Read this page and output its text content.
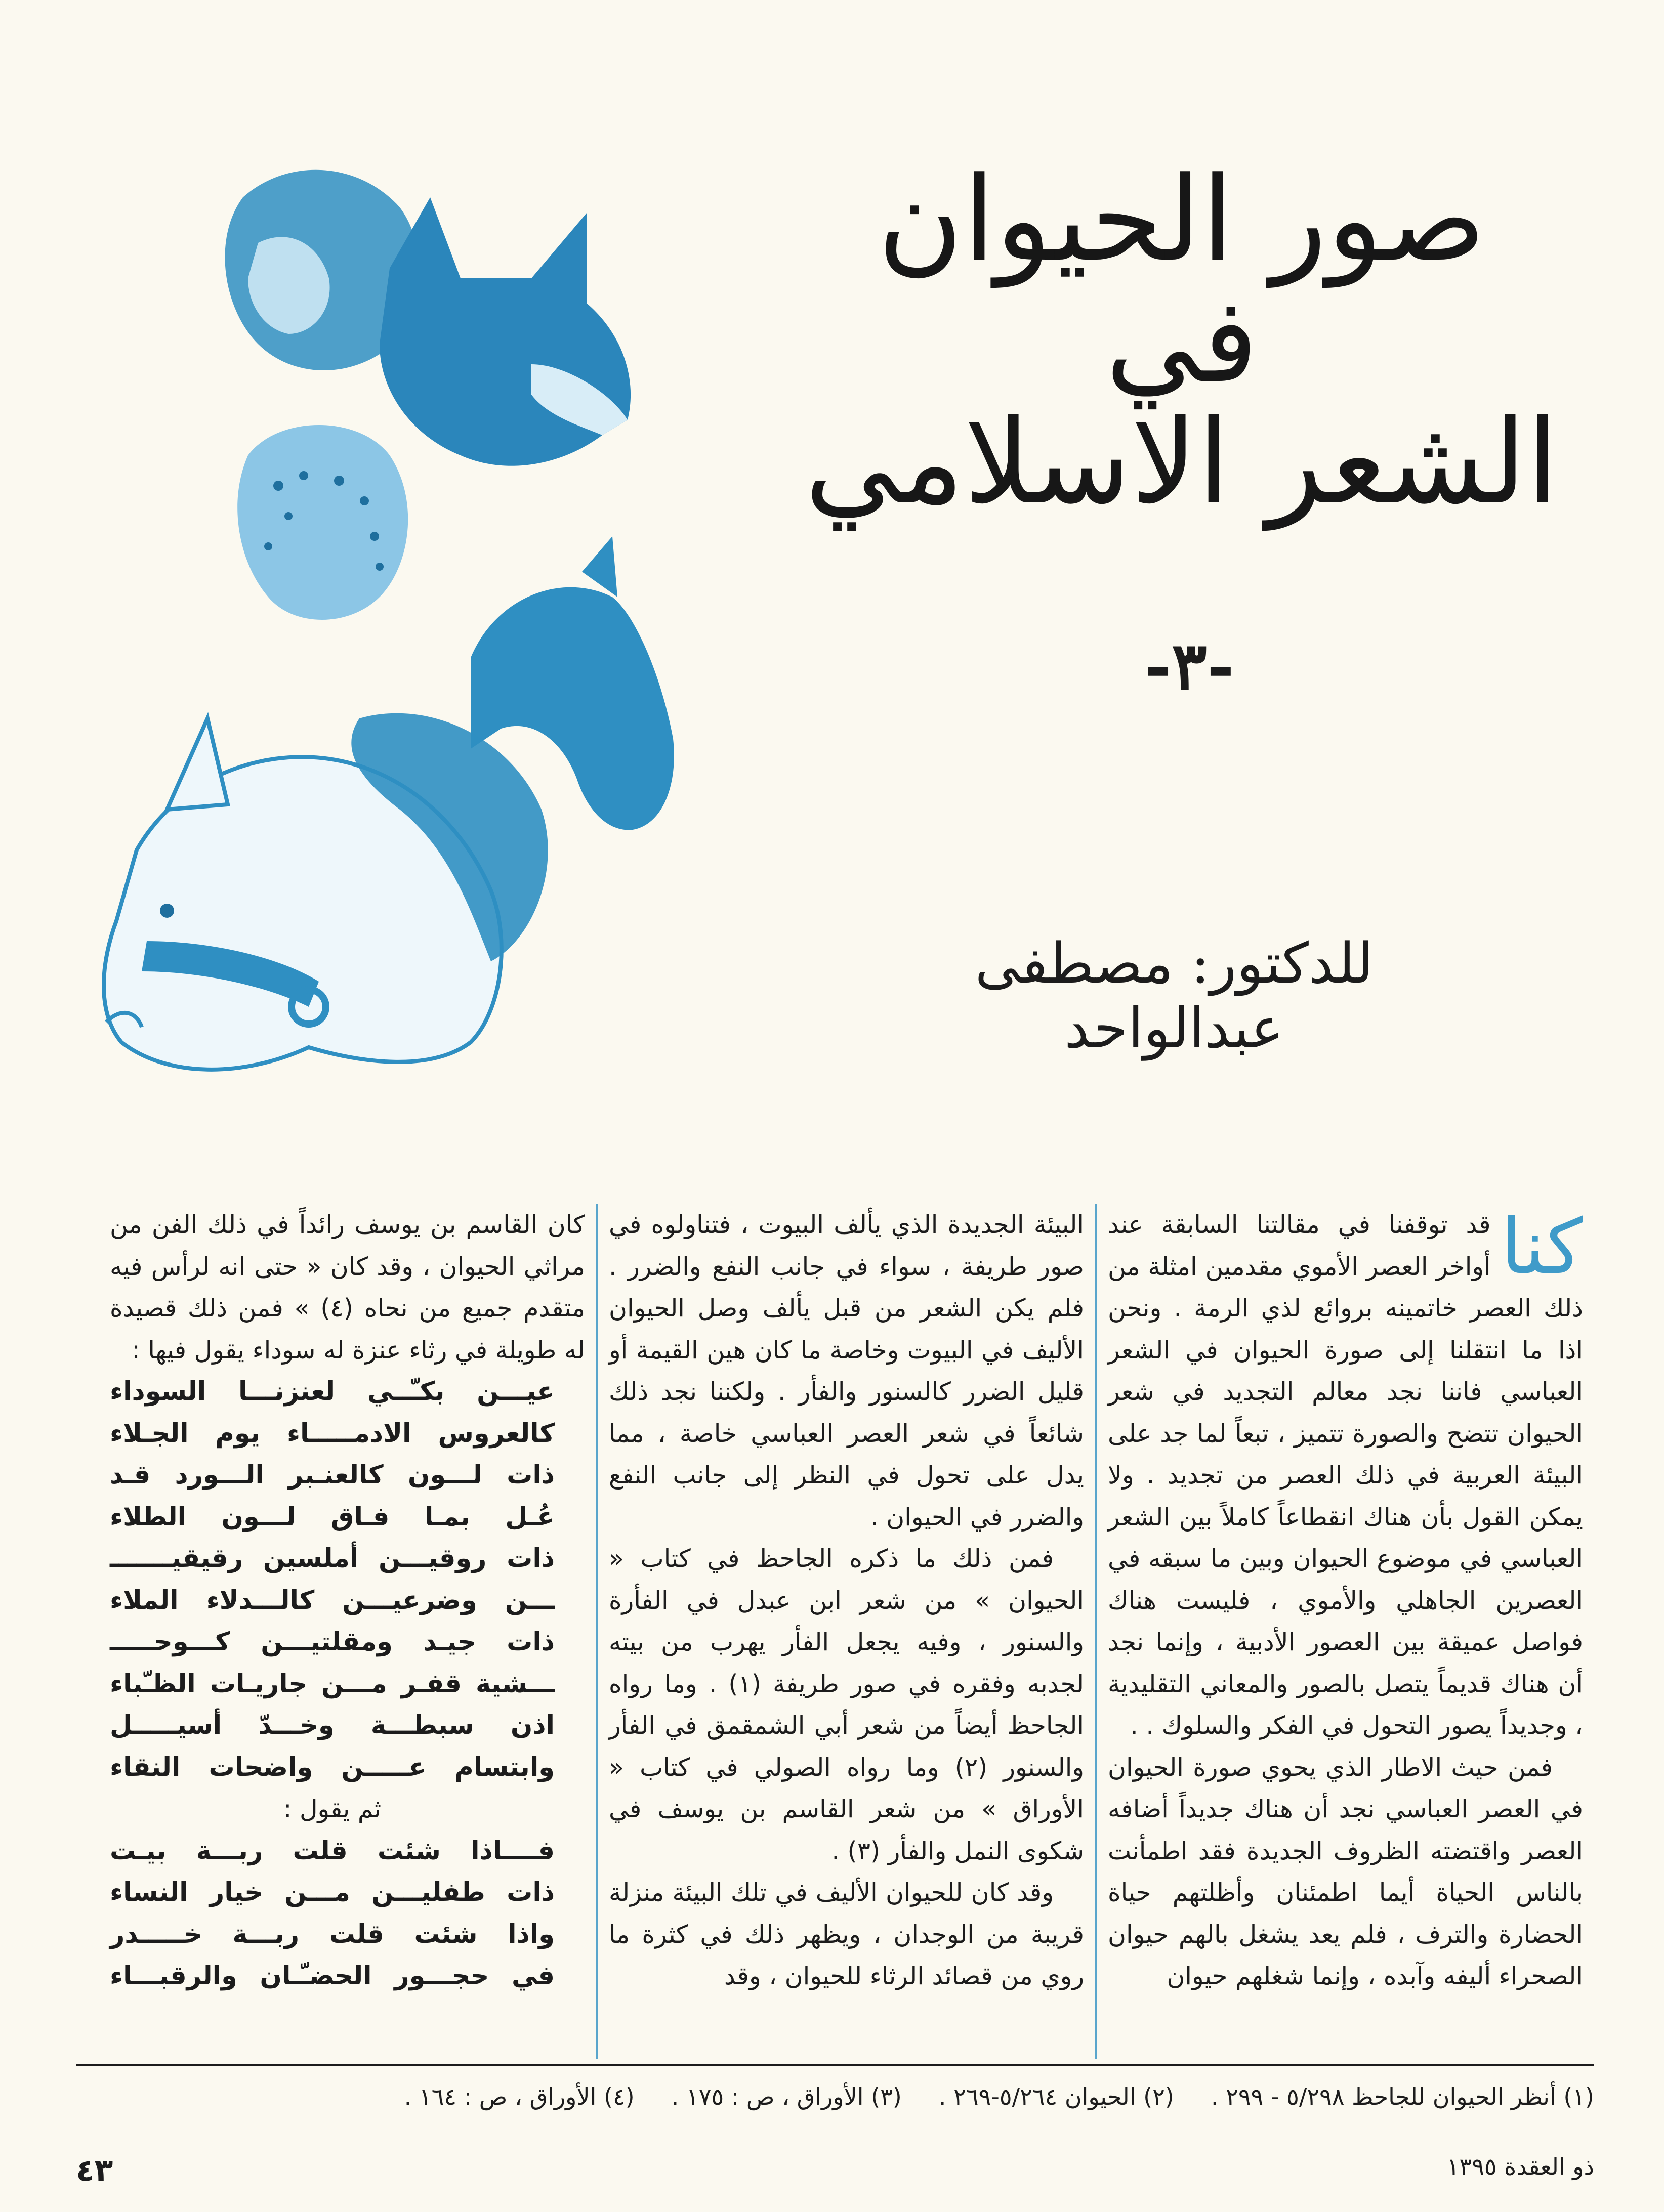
صور الحيوان
في
الشعر الاسلامي
-٣-
للدكتور: مصطفى عبدالواحد
كنا

قد توقفنا في مقالتنا السابقة عند أواخر العصر الأموي مقدمين امثلة من ذلك العصر خاتمينه بروائع لذي الرمة . ونحن اذا ما انتقلنا إلى صورة الحيوان في الشعر العباسي فاننا نجد معالم التجديد في شعر الحيوان تتضح والصورة تتميز ، تبعاً لما جد على البيئة العربية في ذلك العصر من تجديد . ولا يمكن القول بأن هناك انقطاعاً كاملاً بين الشعر العباسي في موضوع الحيوان وبين ما سبقه في العصرين الجاهلي والأموي ، فليست هناك فواصل عميقة بين العصور الأدبية ، وإنما نجد أن هناك قديماً يتصل بالصور والمعاني التقليدية ، وجديداً يصور التحول في الفكر والسلوك . .

فمن حيث الاطار الذي يحوي صورة الحيوان في العصر العباسي نجد أن هناك جديداً أضافه العصر واقتضته الظروف الجديدة فقد اطمأنت بالناس الحياة أيما اطمئنان وأظلتهم حياة الحضارة والترف ، فلم يعد يشغل بالهم حيوان الصحراء أليفه وآبده ، وإنما شغلهم حيوان

البيئة الجديدة الذي يألف البيوت ، فتناولوه في صور طريفة ، سواء في جانب النفع والضرر . فلم يكن الشعر من قبل يألف وصل الحيوان الأليف في البيوت وخاصة ما كان هين القيمة أو قليل الضرر كالسنور والفأر . ولكننا نجد ذلك شائعاً في شعر العصر العباسي خاصة ، مما يدل على تحول في النظر إلى جانب النفع والضرر في الحيوان .

فمن ذلك ما ذكره الجاحظ في كتاب « الحيوان » من شعر ابن عبدل في الفأرة والسنور ، وفيه يجعل الفأر يهرب من بيته لجدبه وفقره في صور طريفة (١) . وما رواه الجاحظ أيضاً من شعر أبي الشمقمق في الفأر والسنور (٢) وما رواه الصولي في كتاب « الأوراق » من شعر القاسم بن يوسف في شكوى النمل والفأر (٣) .

وقد كان للحيوان الأليف في تلك البيئة منزلة قريبة من الوجدان ، ويظهر ذلك في كثرة ما روي من قصائد الرثاء للحيوان ، وقد

كان القاسم بن يوسف رائداً في ذلك الفن من مراثي الحيوان ، وقد كان « حتى انه لرأس فيه متقدم جميع من نحاه (٤) » فمن ذلك قصيدة له طويلة في رثاء عنزة له سوداء يقول فيها :

عيـــن بكـّــي لعنزنـــا السوداء

كالعروس الادمـــــاء يوم الجـلاء

ذات لـــون كالعنـبر الـــورد قـد

عُـل بمـا فـاق لـــون الطلاء

ذات روقيـــن أملسين رقيقيـــــــ

ـــن وضرعيـــن كالـــدلاء الملاء

ذات جيـد ومقلتيـــن كـــوحـــــ

ـــشية قفـر مـــن جاريـات الظـّباء

اذن سبطـــة وخـــدّ أسيـــــل

وابتسام عـــــن واضحات النقاء

ثم يقول :

فــــاذا شئت قلت ربـــة بيـت

ذات طفليـــن مـــن خيار النساء

واذا شئت قلت ربـــة خـــــدر

في حجـــور الحضـّـان والرقبـــاء

(١) أنظر الحيوان للجاحظ ٥/٢٩٨ - ٢٩٩ .     (٢) الحيوان ٥/٢٦٤-٢٦٩ .     (٣) الأوراق ، ص : ١٧٥ .     (٤) الأوراق ، ص : ١٦٤ .
ذو العقدة ١٣٩٥
٤٣
